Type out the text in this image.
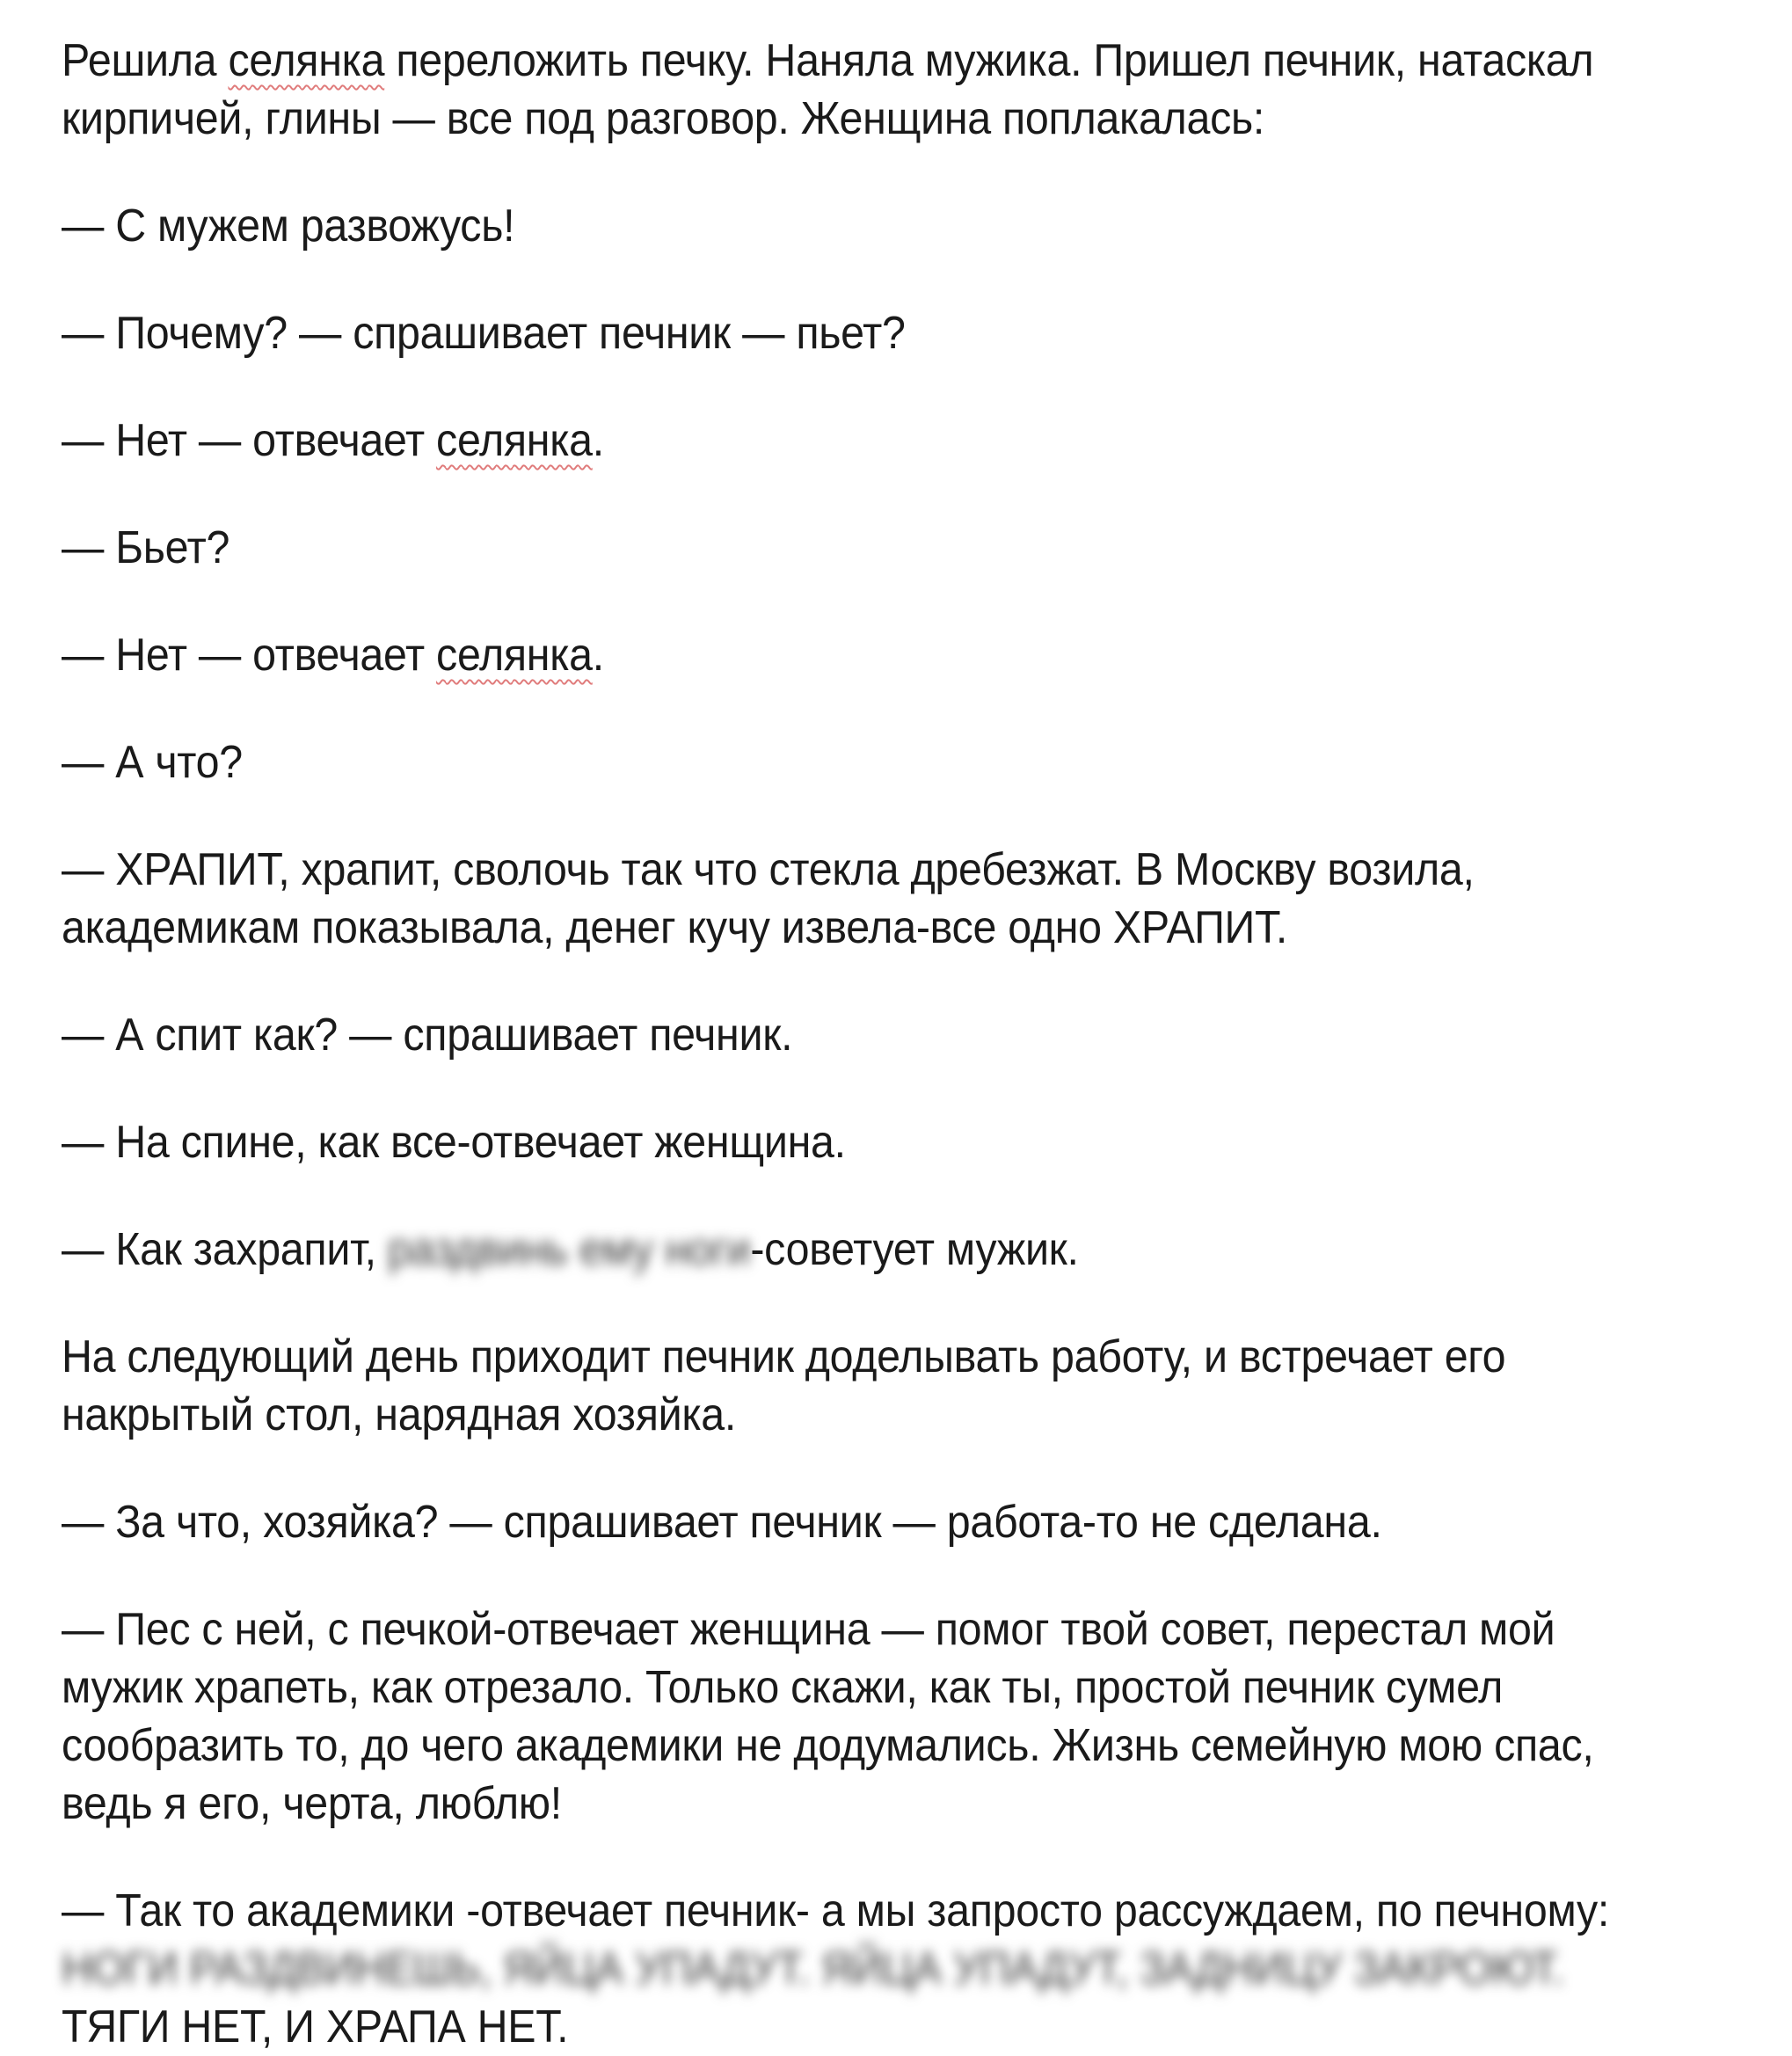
Решила селянка переложить печку. Наняла мужика. Пришел печник, натаскал кирпичей, глины — все под разговор. Женщина поплакалась:

— С мужем развожусь!

— Почему? — спрашивает печник — пьет?

— Нет — отвечает селянка.

— Бьет?

— Нет — отвечает селянка.

— А что?

— ХРАПИТ, храпит, сволочь так что стекла дребезжат. В Москву возила, академикам показывала, денег кучу извела-все одно ХРАПИТ.

— А спит как? — спрашивает печник.

— На спине, как все-отвечает женщина.

— Как захрапит, раздвинь ему ноги-советует мужик.

На следующий день приходит печник доделывать работу, и встречает его накрытый стол, нарядная хозяйка.

— За что, хозяйка? — спрашивает печник — работа-то не сделана.

— Пес с ней, с печкой-отвечает женщина — помог твой совет, перестал мой мужик храпеть, как отрезало. Только скажи, как ты, простой печник сумел сообразить то, до чего академики не додумались. Жизнь семейную мою спас, ведь я его, черта, люблю!

— Так то академики -отвечает печник- а мы запросто рассуждаем, по печному: НОГИ РАЗДВИНЕШЬ, ЯЙЦА УПАДУТ. ЯЙЦА УПАДУТ, ЗАДНИЦУ ЗАКРОЮТ. ТЯГИ НЕТ, И ХРАПА НЕТ.
